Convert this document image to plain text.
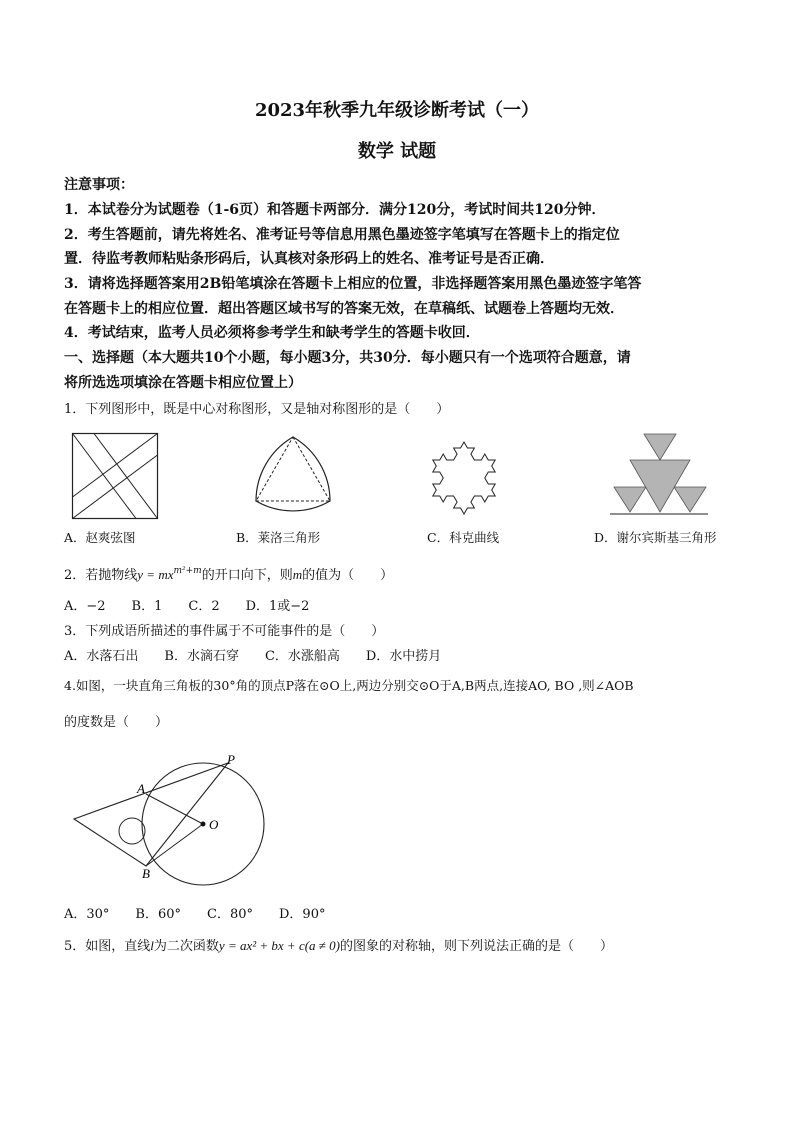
2023年秋季九年级诊断考试（一）
数学 试题
注意事项：
1．本试卷分为试题卷（1-6页）和答题卡两部分．满分120分，考试时间共120分钟．
2．考生答题前，请先将姓名、准考证号等信息用黑色墨迹签字笔填写在答题卡上的指定位
置．待监考教师粘贴条形码后，认真核对条形码上的姓名、准考证号是否正确．
3．请将选择题答案用2B铅笔填涂在答题卡上相应的位置，非选择题答案用黑色墨迹签字笔答
在答题卡上的相应位置．超出答题区域书写的答案无效，在草稿纸、试题卷上答题均无效．
4．考试结束，监考人员必须将参考学生和缺考学生的答题卡收回．
一、选择题（本大题共10个小题，每小题3分，共30分．每小题只有一个选项符合题意，请
将所选选项填涂在答题卡相应位置上）
1．下列图形中，既是中心对称图形，又是轴对称图形的是（　　）
A．赵爽弦图	B．莱洛三角形	C．科克曲线	D．谢尔宾斯基三角形
2．若抛物线$y = mx^{m^2+m}$的开口向下，则m的值为（　　）
A．−2　　B．1　　C．2　　D．1或−2
3．下列成语所描述的事件属于不可能事件的是（　　）
A．水落石出　　B．水滴石穿　　C．水涨船高　　D．水中捞月
4.如图，一块直角三角板的30°角的顶点P落在⊙O上,两边分别交⊙O于A,B两点,连接AO, BO ,则∠AOB
的度数是（　　）
P
A
O
B
A．30°　　B．60°　　C．80°　　D．90°
5．如图，直线l为二次函数y = ax² + bx + c(a ≠ 0)的图象的对称轴，则下列说法正确的是（　　）
